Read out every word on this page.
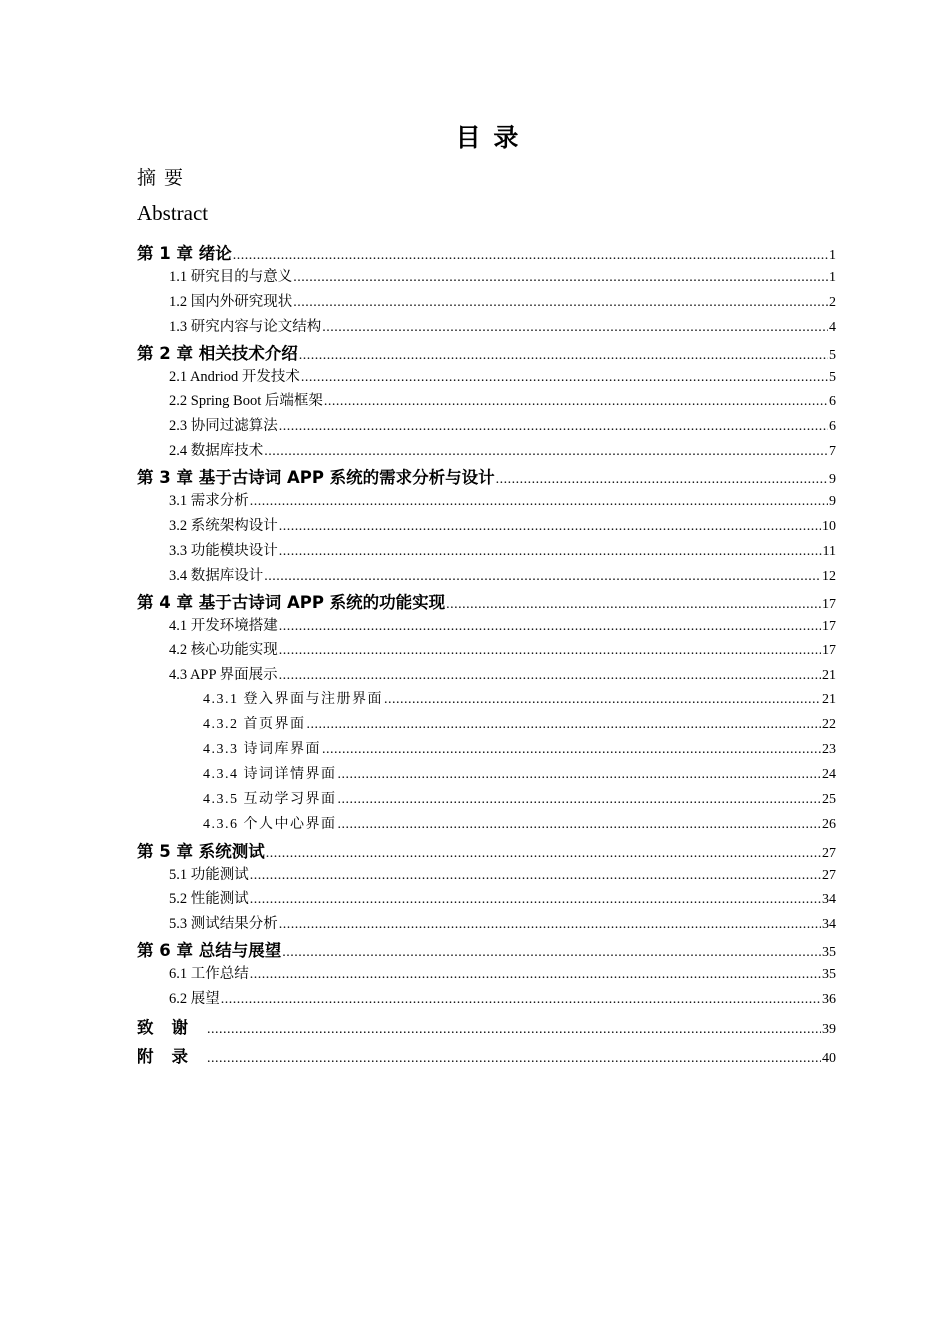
目 录
摘 要
Abstract
第 1 章 绪论 .....	1
1.1 研究目的与意义 .....	1
1.2 国内外研究现状 .....	2
1.3 研究内容与论文结构 .....	4
第 2 章 相关技术介绍 .....	5
2.1 Andriod 开发技术 .....	5
2.2 Spring Boot 后端框架 .....	6
2.3 协同过滤算法 .....	6
2.4 数据库技术 .....	7
第 3 章 基于古诗词 APP 系统的需求分析与设计 .....	9
3.1 需求分析 .....	9
3.2 系统架构设计 .....	10
3.3 功能模块设计 .....	11
3.4 数据库设计 .....	12
第 4 章 基于古诗词 APP 系统的功能实现 .....	17
4.1 开发环境搭建 .....	17
4.2 核心功能实现 .....	17
4.3 APP 界面展示 .....	21
4.3.1 登入界面与注册界面 .....	21
4.3.2 首页界面 .....	22
4.3.3 诗词库界面 .....	23
4.3.4 诗词详情界面 .....	24
4.3.5 互动学习界面 .....	25
4.3.6 个人中心界面 .....	26
第 5 章 系统测试 .....	27
5.1 功能测试 .....	27
5.2 性能测试 .....	34
5.3 测试结果分析 .....	34
第 6 章 总结与展望 .....	35
6.1 工作总结 .....	35
6.2 展望 .....	36
致谢 .....	39
附录 .....	40
